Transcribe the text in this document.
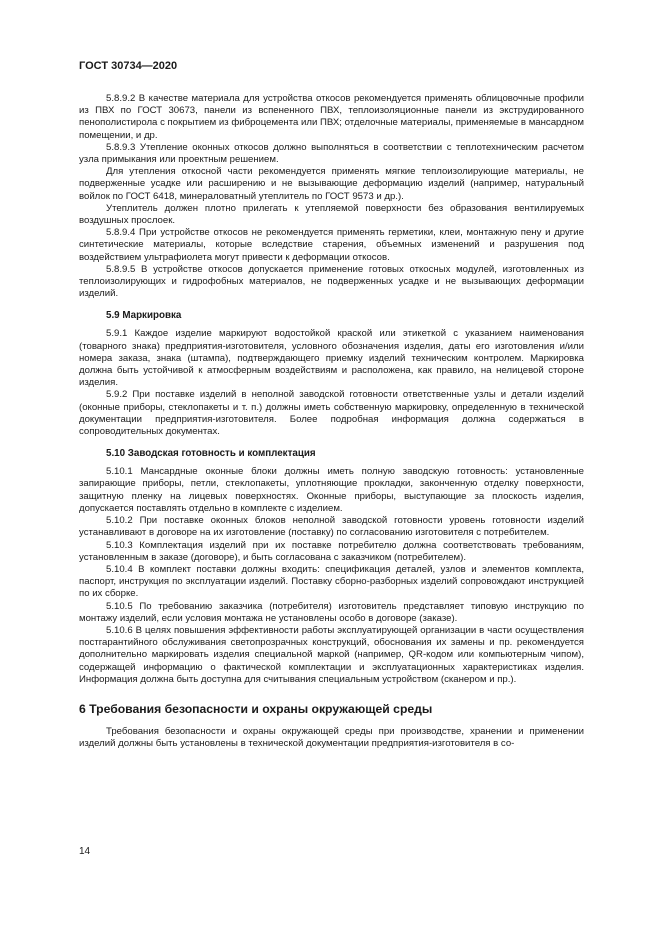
ГОСТ 30734—2020

5.8.9.2 В качестве материала для устройства откосов рекомендуется применять облицовочные профили из ПВХ по ГОСТ 30673, панели из вспененного ПВХ, теплоизоляционные панели из экструдированного пенополистирола с покрытием из фиброцемента или ПВХ; отделочные материалы, применяемые в мансардном помещении, и др.

5.8.9.3 Утепление оконных откосов должно выполняться в соответствии с теплотехническим расчетом узла примыкания или проектным решением.

Для утепления откосной части рекомендуется применять мягкие теплоизолирующие материалы, не подверженные усадке или расширению и не вызывающие деформацию изделий (например, натуральный войлок по ГОСТ 6418, минераловатный утеплитель по ГОСТ 9573 и др.).

Утеплитель должен плотно прилегать к утепляемой поверхности без образования вентилируемых воздушных прослоек.

5.8.9.4 При устройстве откосов не рекомендуется применять герметики, клеи, монтажную пену и другие синтетические материалы, которые вследствие старения, объемных изменений и разрушения под воздействием ультрафиолета могут привести к деформации откосов.

5.8.9.5 В устройстве откосов допускается применение готовых откосных модулей, изготовленных из теплоизолирующих и гидрофобных материалов, не подверженных усадке и не вызывающих деформации изделий.

5.9 Маркировка

5.9.1 Каждое изделие маркируют водостойкой краской или этикеткой с указанием наименования (товарного знака) предприятия-изготовителя, условного обозначения изделия, даты его изготовления и/или номера заказа, знака (штампа), подтверждающего приемку изделий техническим контролем. Маркировка должна быть устойчивой к атмосферным воздействиям и расположена, как правило, на нелицевой стороне изделия.

5.9.2 При поставке изделий в неполной заводской готовности ответственные узлы и детали изделий (оконные приборы, стеклопакеты и т. п.) должны иметь собственную маркировку, определенную в технической документации предприятия-изготовителя. Более подробная информация должна содержаться в сопроводительных документах.

5.10 Заводская готовность и комплектация

5.10.1 Мансардные оконные блоки должны иметь полную заводскую готовность: установленные запирающие приборы, петли, стеклопакеты, уплотняющие прокладки, законченную отделку поверхности, защитную пленку на лицевых поверхностях. Оконные приборы, выступающие за плоскость изделия, допускается поставлять отдельно в комплекте с изделием.

5.10.2 При поставке оконных блоков неполной заводской готовности уровень готовности изделий устанавливают в договоре на их изготовление (поставку) по согласованию изготовителя с потребителем.

5.10.3 Комплектация изделий при их поставке потребителю должна соответствовать требованиям, установленным в заказе (договоре), и быть согласована с заказчиком (потребителем).

5.10.4 В комплект поставки должны входить: спецификация деталей, узлов и элементов комплекта, паспорт, инструкция по эксплуатации изделий. Поставку сборно-разборных изделий сопровождают инструкцией по их сборке.

5.10.5 По требованию заказчика (потребителя) изготовитель представляет типовую инструкцию по монтажу изделий, если условия монтажа не установлены особо в договоре (заказе).

5.10.6 В целях повышения эффективности работы эксплуатирующей организации в части осуществления постгарантийного обслуживания светопрозрачных конструкций, обоснования их замены и пр. рекомендуется дополнительно маркировать изделия специальной маркой (например, QR-кодом или компьютерным чипом), содержащей информацию о фактической комплектации и эксплуатационных характеристиках изделия. Информация должна быть доступна для считывания специальным устройством (сканером и пр.).

6 Требования безопасности и охраны окружающей среды

Требования безопасности и охраны окружающей среды при производстве, хранении и применении изделий должны быть установлены в технической документации предприятия-изготовителя в со-

14
